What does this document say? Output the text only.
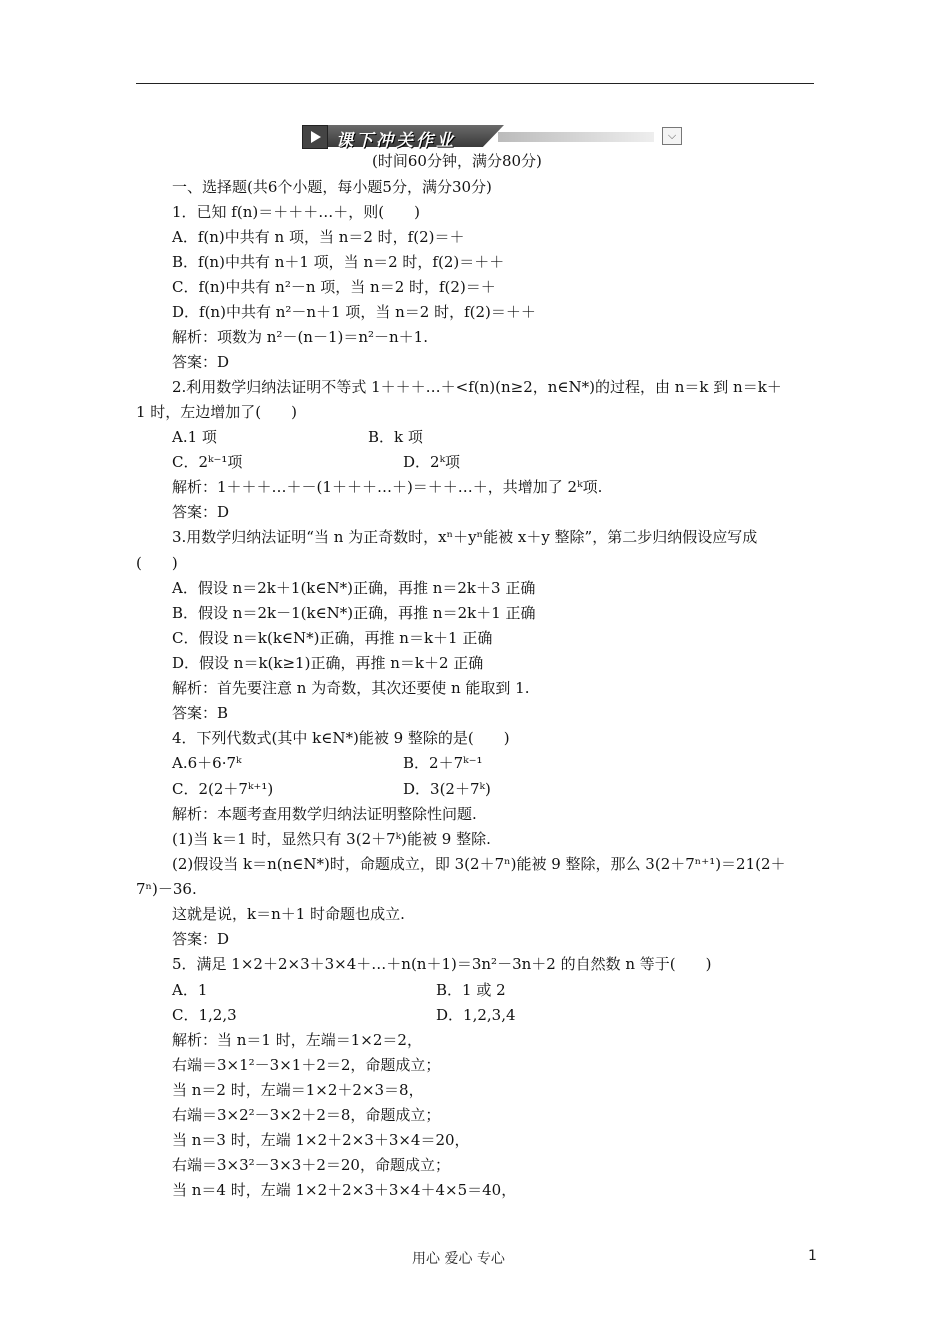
课下冲关作业	⌵
(时间60分钟，满分80分)
一、选择题(共6个小题，每小题5分，满分30分)
1．已知 f(n)＝＋＋＋…＋，则(　　)
A．f(n)中共有 n 项，当 n＝2 时，f(2)＝＋
B．f(n)中共有 n＋1 项，当 n＝2 时，f(2)＝＋＋
C．f(n)中共有 n²－n 项，当 n＝2 时，f(2)＝＋
D．f(n)中共有 n²－n＋1 项，当 n＝2 时，f(2)＝＋＋
解析：项数为 n²－(n－1)＝n²－n＋1.
答案：D
2.利用数学归纳法证明不等式 1＋＋＋…＋<f(n)(n≥2，n∈N*)的过程，由 n＝k 到 n＝k＋
1 时，左边增加了(　　)
A.1 项	B．k 项
C．2ᵏ⁻¹项	D．2ᵏ项
解析：1＋＋＋…＋－(1＋＋＋…＋)＝＋＋…＋，共增加了 2ᵏ项.
答案：D
3.用数学归纳法证明“当 n 为正奇数时，xⁿ＋yⁿ能被 x＋y 整除”，第二步归纳假设应写成
(　　)
A．假设 n＝2k＋1(k∈N*)正确，再推 n＝2k＋3 正确
B．假设 n＝2k－1(k∈N*)正确，再推 n＝2k＋1 正确
C．假设 n＝k(k∈N*)正确，再推 n＝k＋1 正确
D．假设 n＝k(k≥1)正确，再推 n＝k＋2 正确
解析：首先要注意 n 为奇数，其次还要使 n 能取到 1.
答案：B
4．下列代数式(其中 k∈N*)能被 9 整除的是(　　)
A.6＋6·7ᵏ	B．2＋7ᵏ⁻¹
C．2(2＋7ᵏ⁺¹)	D．3(2＋7ᵏ)
解析：本题考查用数学归纳法证明整除性问题.
(1)当 k＝1 时，显然只有 3(2＋7ᵏ)能被 9 整除.
(2)假设当 k＝n(n∈N*)时，命题成立，即 3(2＋7ⁿ)能被 9 整除，那么 3(2＋7ⁿ⁺¹)＝21(2＋
7ⁿ)－36.
这就是说，k＝n＋1 时命题也成立.
答案：D
5．满足 1×2＋2×3＋3×4＋…＋n(n＋1)＝3n²－3n＋2 的自然数 n 等于(　　)
A．1	B．1 或 2
C．1,2,3	D．1,2,3,4
解析：当 n＝1 时，左端＝1×2＝2，
右端＝3×1²－3×1＋2＝2，命题成立；
当 n＝2 时，左端＝1×2＋2×3＝8，
右端＝3×2²－3×2＋2＝8，命题成立；
当 n＝3 时，左端 1×2＋2×3＋3×4＝20，
右端＝3×3²－3×3＋2＝20，命题成立；
当 n＝4 时，左端 1×2＋2×3＋3×4＋4×5＝40，
用心 爱心 专心	1
